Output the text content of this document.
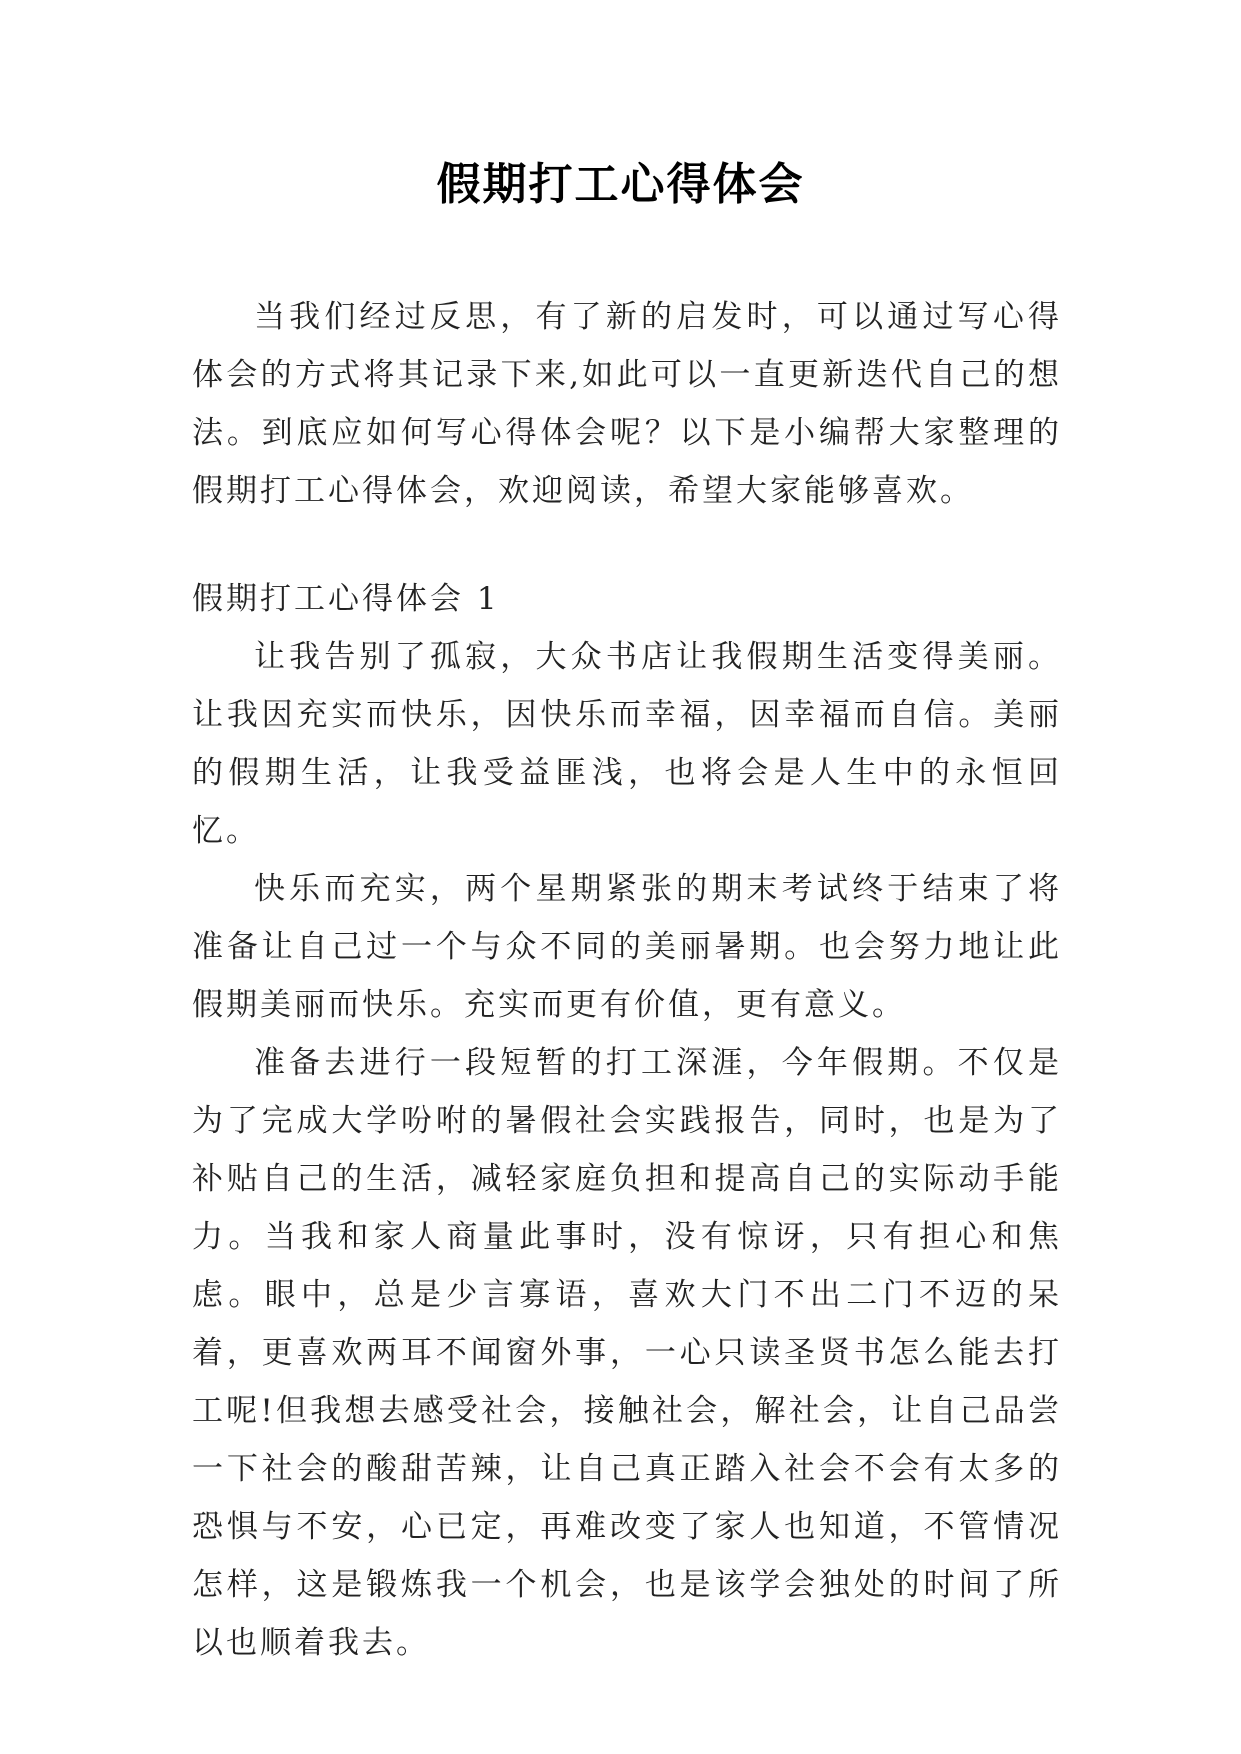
假期打工心得体会

当我们经过反思，有了新的启发时，可以通过写心得体会的方式将其记录下来,如此可以一直更新迭代自己的想法。到底应如何写心得体会呢？以下是小编帮大家整理的假期打工心得体会，欢迎阅读，希望大家能够喜欢。

假期打工心得体会 1

让我告别了孤寂，大众书店让我假期生活变得美丽。让我因充实而快乐，因快乐而幸福，因幸福而自信。美丽的假期生活，让我受益匪浅，也将会是人生中的永恒回忆。

快乐而充实，两个星期紧张的期末考试终于结束了将准备让自己过一个与众不同的美丽暑期。也会努力地让此假期美丽而快乐。充实而更有价值，更有意义。

准备去进行一段短暂的打工深涯，今年假期。不仅是为了完成大学吩咐的暑假社会实践报告，同时，也是为了补贴自己的生活，减轻家庭负担和提高自己的实际动手能力。当我和家人商量此事时，没有惊讶，只有担心和焦虑。眼中，总是少言寡语，喜欢大门不出二门不迈的呆着，更喜欢两耳不闻窗外事，一心只读圣贤书怎么能去打工呢!但我想去感受社会，接触社会，解社会，让自己品尝一下社会的酸甜苦辣，让自己真正踏入社会不会有太多的恐惧与不安，心已定，再难改变了家人也知道，不管情况怎样，这是锻炼我一个机会，也是该学会独处的时间了所以也顺着我去。
